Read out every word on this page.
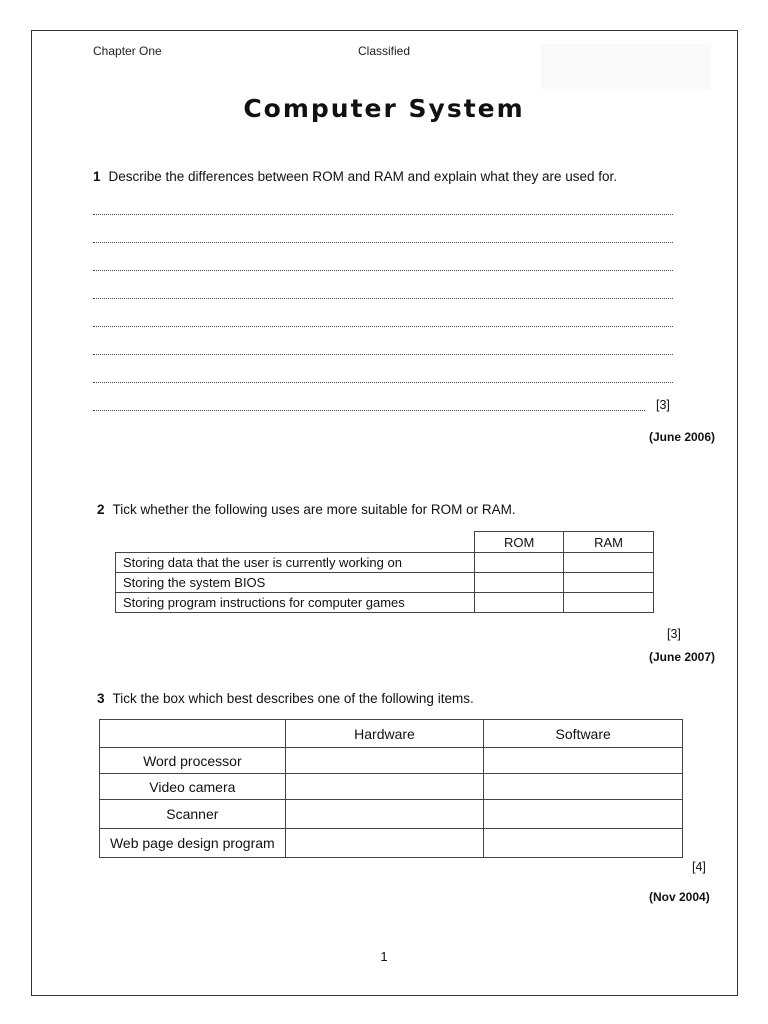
Chapter One	Classified
Computer System
1 Describe the differences between ROM and RAM and explain what they are used for.
[3]
(June 2006)
2 Tick whether the following uses are more suitable for ROM or RAM.
	ROM	RAM
Storing data that the user is currently working on		
Storing the system BIOS		
Storing program instructions for computer games		
[3]
(June 2007)
3 Tick the box which best describes one of the following items.
	Hardware	Software
Word processor		
Video camera		
Scanner		
Web page design program		
[4]
(Nov 2004)
1
